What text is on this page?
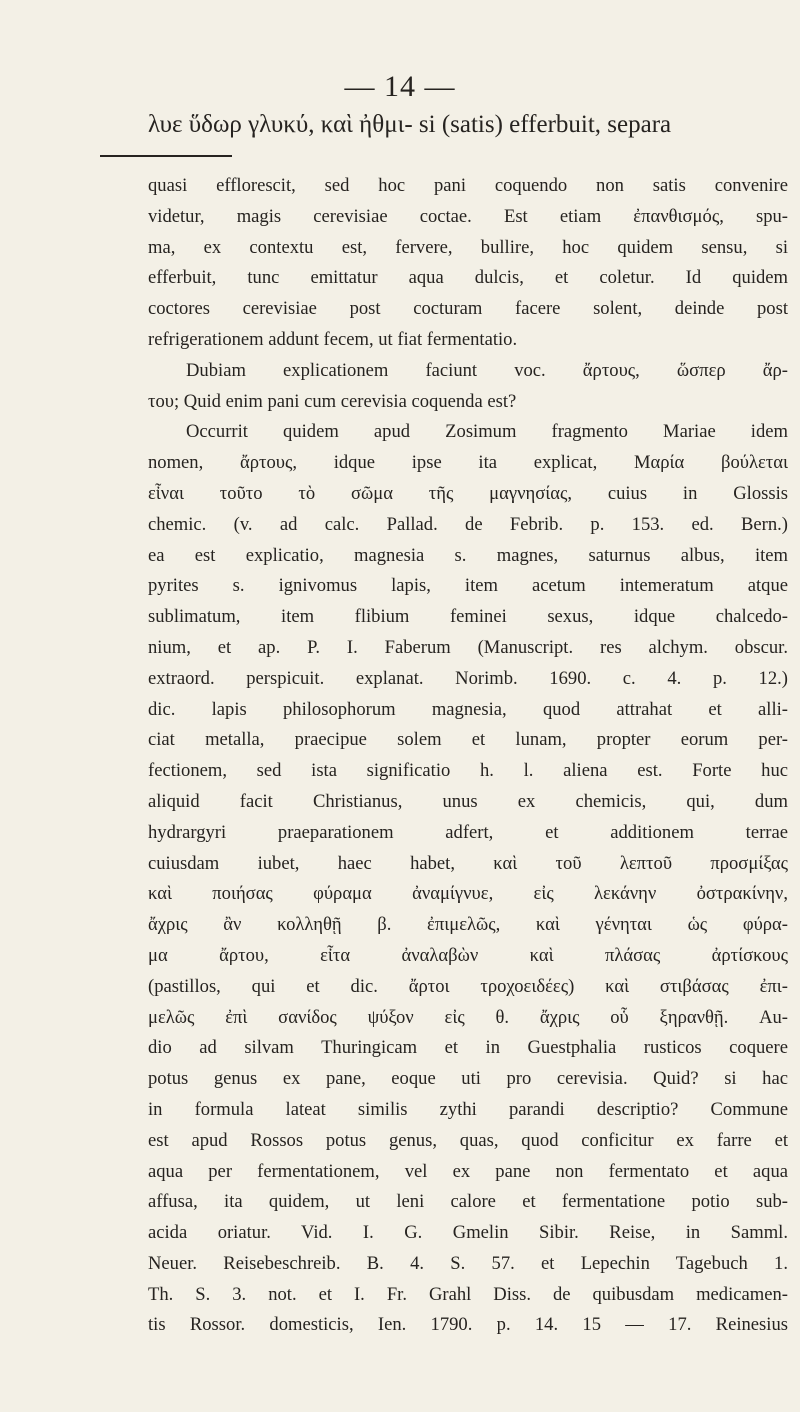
— 14 —
λυε ὕδωρ γλυκύ, καὶ ἠθμι- si (satis) efferbuit, separa

quasi efflorescit, sed hoc pani coquendo non satis convenire

videtur, magis cerevisiae coctae. Est etiam ἐπανθισμός, spu-

ma, ex contextu est, fervere, bullire, hoc quidem sensu, si

efferbuit, tunc emittatur aqua dulcis, et coletur. Id quidem

coctores cerevisiae post cocturam facere solent, deinde post

refrigerationem addunt fecem, ut fiat fermentatio.

Dubiam explicationem faciunt voc. ἄρτους, ὥσπερ ἄρ-

του; Quid enim pani cum cerevisia coquenda est?

Occurrit quidem apud Zosimum fragmento Mariae idem

nomen, ἄρτους, idque ipse ita explicat, Μαρία βούλεται

εἶναι τοῦτο τὸ σῶμα τῆς μαγνησίας, cuius in Glossis

chemic. (v. ad calc. Pallad. de Febrib. p. 153. ed. Bern.)

ea est explicatio, magnesia s. magnes, saturnus albus, item

pyrites s. ignivomus lapis, item acetum intemeratum atque

sublimatum, item flibium feminei sexus, idque chalcedo-

nium, et ap. P. I. Faberum (Manuscript. res alchym. obscur.

extraord. perspicuit. explanat. Norimb. 1690. c. 4. p. 12.)

dic. lapis philosophorum magnesia, quod attrahat et alli-

ciat metalla, praecipue solem et lunam, propter eorum per-

fectionem, sed ista significatio h. l. aliena est. Forte huc

aliquid facit Christianus, unus ex chemicis, qui, dum

hydrargyri praeparationem adfert, et additionem terrae

cuiusdam iubet, haec habet, καὶ τοῦ λεπτοῦ προσμίξας

καὶ ποιήσας φύραμα ἀναμίγνυε, εἰς λεκάνην ὀστρακίνην,

ἄχρις ἂν κολληθῇ β. ἐπιμελῶς, καὶ γένηται ὡς φύρα-

μα ἄρτου, εἶτα ἀναλαβὼν καὶ πλάσας ἀρτίσκους

(pastillos, qui et dic. ἄρτοι τροχοειδέες) καὶ στιβάσας ἐπι-

μελῶς ἐπὶ σανίδος ψύξον εἰς θ. ἄχρις οὗ ξηρανθῇ. Au-

dio ad silvam Thuringicam et in Guestphalia rusticos coquere

potus genus ex pane, eoque uti pro cerevisia. Quid? si hac

in formula lateat similis zythi parandi descriptio? Commune

est apud Rossos potus genus, quas, quod conficitur ex farre et

aqua per fermentationem, vel ex pane non fermentato et aqua

affusa, ita quidem, ut leni calore et fermentatione potio sub-

acida oriatur. Vid. I. G. Gmelin Sibir. Reise, in Samml.

Neuer. Reisebeschreib. B. 4. S. 57. et Lepechin Tagebuch 1.

Th. S. 3. not. et I. Fr. Grahl Diss. de quibusdam medicamen-

tis Rossor. domesticis, Ien. 1790. p. 14. 15 — 17. Reinesius
